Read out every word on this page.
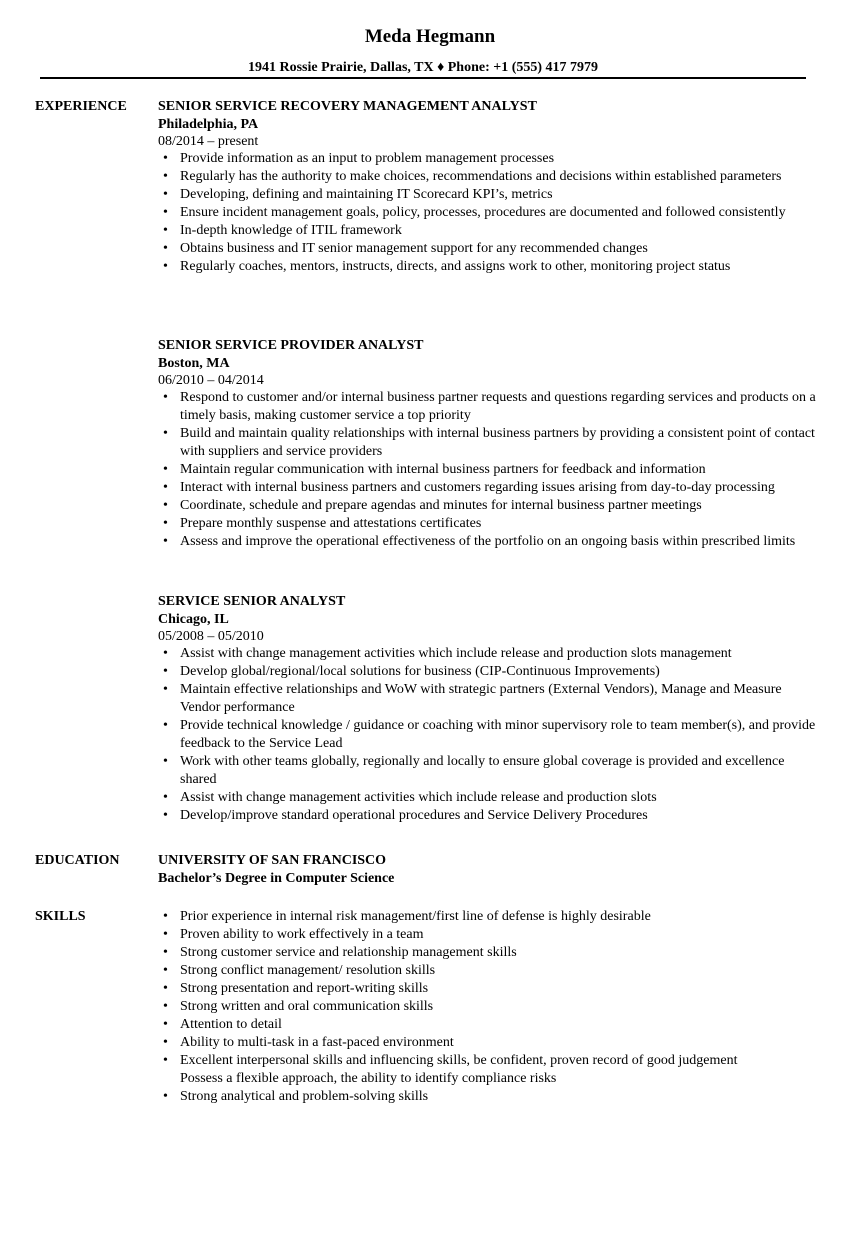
Meda Hegmann
1941 Rossie Prairie, Dallas, TX ♦ Phone: +1 (555) 417 7979
EXPERIENCE SENIOR SERVICE RECOVERY MANAGEMENT ANALYST
Philadelphia, PA
08/2014 – present
• Provide information as an input to problem management processes
• Regularly has the authority to make choices, recommendations and decisions within established parameters
• Developing, defining and maintaining IT Scorecard KPI’s, metrics
• Ensure incident management goals, policy, processes, procedures are documented and followed consistently
• In-depth knowledge of ITIL framework
• Obtains business and IT senior management support for any recommended changes
• Regularly coaches, mentors, instructs, directs, and assigns work to other, monitoring project status
SENIOR SERVICE PROVIDER ANALYST
Boston, MA
06/2010 – 04/2014
• Respond to customer and/or internal business partner requests and questions regarding services and products on a timely basis, making customer service a top priority
• Build and maintain quality relationships with internal business partners by providing a consistent point of contact with suppliers and service providers
• Maintain regular communication with internal business partners for feedback and information
• Interact with internal business partners and customers regarding issues arising from day-to-day processing
• Coordinate, schedule and prepare agendas and minutes for internal business partner meetings
• Prepare monthly suspense and attestations certificates
• Assess and improve the operational effectiveness of the portfolio on an ongoing basis within prescribed limits
SERVICE SENIOR ANALYST
Chicago, IL
05/2008 – 05/2010
• Assist with change management activities which include release and production slots management
• Develop global/regional/local solutions for business (CIP-Continuous Improvements)
• Maintain effective relationships and WoW with strategic partners (External Vendors), Manage and Measure Vendor performance
• Provide technical knowledge / guidance or coaching with minor supervisory role to team member(s), and provide feedback to the Service Lead
• Work with other teams globally, regionally and locally to ensure global coverage is provided and excellence shared
• Assist with change management activities which include release and production slots
• Develop/improve standard operational procedures and Service Delivery Procedures
EDUCATION	UNIVERSITY OF SAN FRANCISCO
Bachelor’s Degree in Computer Science
SKILLS	• Prior experience in internal risk management/first line of defense is highly desirable
• Proven ability to work effectively in a team
• Strong customer service and relationship management skills
• Strong conflict management/ resolution skills
• Strong presentation and report-writing skills
• Strong written and oral communication skills
• Attention to detail
• Ability to multi-task in a fast-paced environment
• Excellent interpersonal skills and influencing skills, be confident, proven record of good judgement
Possess a flexible approach, the ability to identify compliance risks
• Strong analytical and problem-solving skills
